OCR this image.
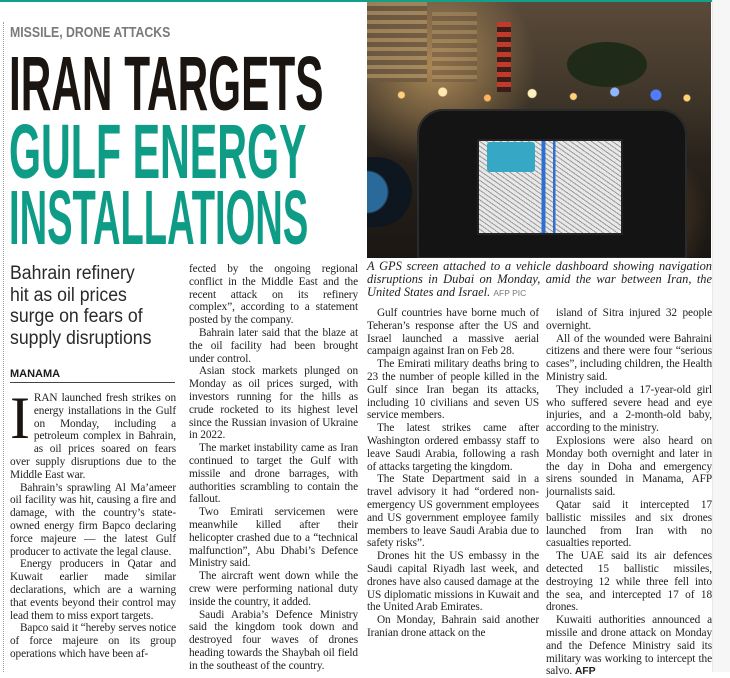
MISSILE, DRONE ATTACKS
IRAN TARGETS
GULF ENERGY
INSTALLATIONS
Bahrain refinery
hit as oil prices
surge on fears of
supply disruptions
MANAMA
A GPS screen attached to a vehicle dashboard showing navigation disruptions in Dubai on Monday, amid the war between Iran, the United States and Israel. AFP PIC

IRAN launched fresh strikes on energy installations in the Gulf on Monday, including a petroleum complex in Bahrain, as oil prices soared on fears over supply disruptions due to the Middle East war.

Bahrain’s sprawling Al Ma’ameer oil facility was hit, causing a fire and damage, with the country’s state-owned energy firm Bapco declaring force majeure — the latest Gulf producer to activate the legal clause.

Energy producers in Qatar and Kuwait earlier made similar declarations, which are a warning that events beyond their control may lead them to miss export targets.

Bapco said it “hereby serves notice of force majeure on its group operations which have been af-

fected by the ongoing regional conflict in the Middle East and the recent attack on its refinery complex”, according to a statement posted by the company.

Bahrain later said that the blaze at the oil facility had been brought under control.

Asian stock markets plunged on Monday as oil prices surged, with investors running for the hills as crude rocketed to its highest level since the Russian invasion of Ukraine in 2022.

The market instability came as Iran continued to target the Gulf with missile and drone barrages, with authorities scrambling to contain the fallout.

Two Emirati servicemen were meanwhile killed after their helicopter crashed due to a “technical malfunction”, Abu Dhabi’s Defence Ministry said.

The aircraft went down while the crew were performing national duty inside the country, it added.

Saudi Arabia’s Defence Ministry said the kingdom took down and destroyed four waves of drones heading towards the Shaybah oil field in the southeast of the country.

Gulf countries have borne much of Teheran’s response after the US and Israel launched a massive aerial campaign against Iran on Feb 28.

The Emirati military deaths bring to 23 the number of people killed in the Gulf since Iran began its attacks, including 10 civilians and seven US service members.

The latest strikes came after Washington ordered embassy staff to leave Saudi Arabia, following a rash of attacks targeting the kingdom.

The State Department said in a travel advisory it had “ordered non-emergency US government employees and US government employee family members to leave Saudi Arabia due to safety risks”.

Drones hit the US embassy in the Saudi capital Riyadh last week, and drones have also caused damage at the US diplomatic missions in Kuwait and the United Arab Emirates.

On Monday, Bahrain said another Iranian drone attack on the

island of Sitra injured 32 people overnight.

All of the wounded were Bahraini citizens and there were four “serious cases”, including children, the Health Ministry said.

They included a 17-year-old girl who suffered severe head and eye injuries, and a 2-month-old baby, according to the ministry.

Explosions were also heard on Monday both overnight and later in the day in Doha and emergency sirens sounded in Manama, AFP journalists said.

Qatar said it intercepted 17 ballistic missiles and six drones launched from Iran with no casualties reported.

The UAE said its air defences detected 15 ballistic missiles, destroying 12 while three fell into the sea, and intercepted 17 of 18 drones.

Kuwaiti authorities announced a missile and drone attack on Monday and the Defence Ministry said its military was working to intercept the salvo. AFP
